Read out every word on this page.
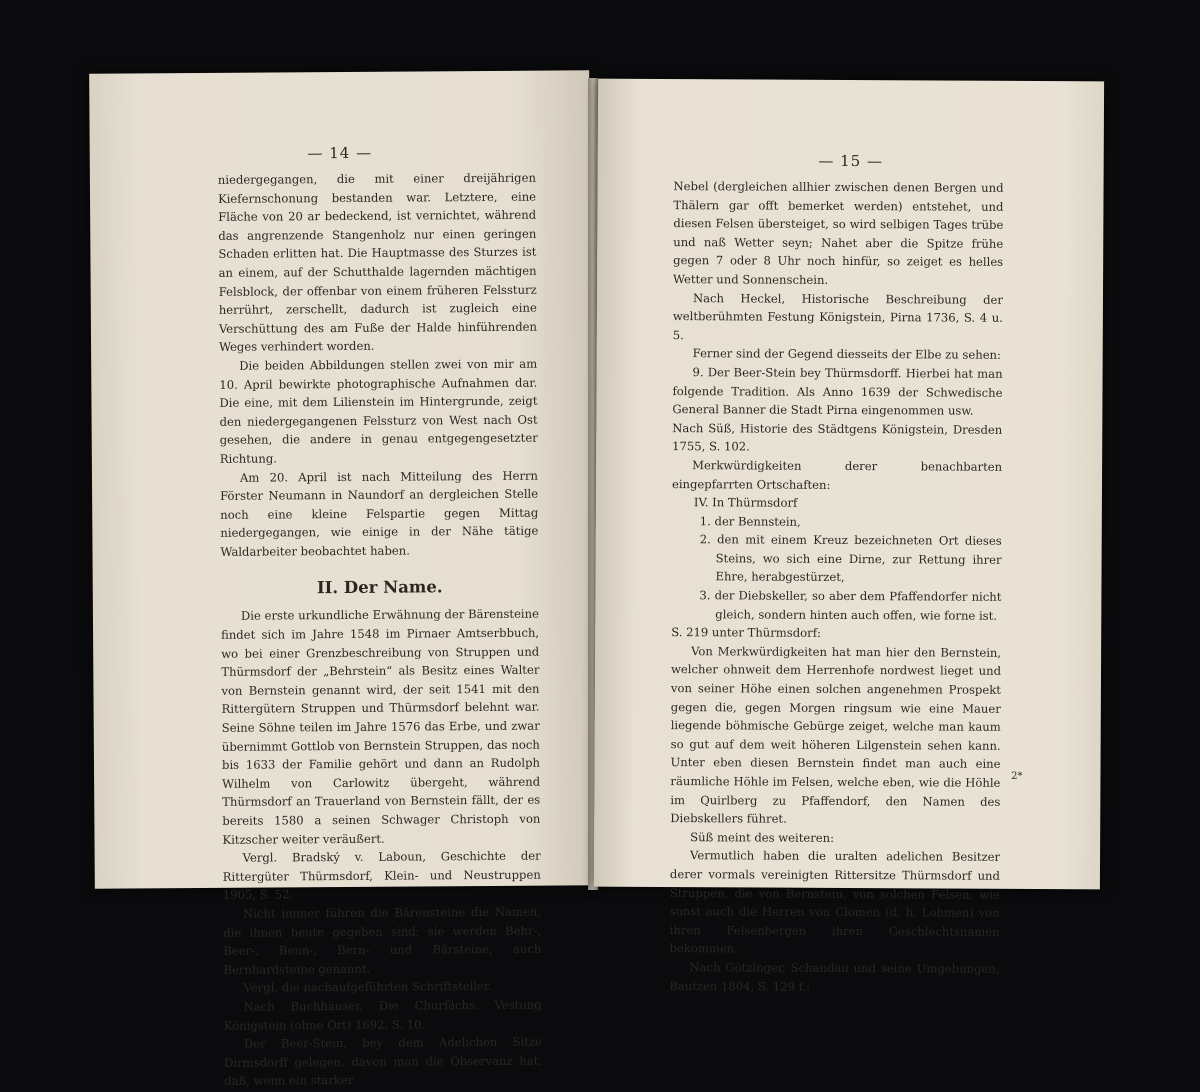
— 14 —

niedergegangen, die mit einer dreijährigen Kiefernschonung bestanden war. Letztere, eine Fläche von 20 ar bedeckend, ist vernichtet, während das angrenzende Stangenholz nur einen geringen Schaden erlitten hat. Die Hauptmasse des Sturzes ist an einem, auf der Schutthalde lagernden mächtigen Felsblock, der offenbar von einem früheren Felssturz herrührt, zerschellt, dadurch ist zugleich eine Verschüttung des am Fuße der Halde hinführenden Weges verhindert worden.

Die beiden Abbildungen stellen zwei von mir am 10. April bewirkte photographische Aufnahmen dar. Die eine, mit dem Lilienstein im Hintergrunde, zeigt den niedergegangenen Felssturz von West nach Ost gesehen, die andere in genau entgegengesetzter Richtung.

Am 20. April ist nach Mitteilung des Herrn Förster Neumann in Naundorf an dergleichen Stelle noch eine kleine Felspartie gegen Mittag niedergegangen, wie einige in der Nähe tätige Waldarbeiter beobachtet haben.

II. Der Name.

Die erste urkundliche Erwähnung der Bärensteine findet sich im Jahre 1548 im Pirnaer Amtserbbuch, wo bei einer Grenzbeschreibung von Struppen und Thürmsdorf der „Behrstein“ als Besitz eines Walter von Bernstein genannt wird, der seit 1541 mit den Rittergütern Struppen und Thürmsdorf belehnt war. Seine Söhne teilen im Jahre 1576 das Erbe, und zwar übernimmt Gottlob von Bernstein Struppen, das noch bis 1633 der Familie gehört und dann an Rudolph Wilhelm von Carlowitz übergeht, während Thürmsdorf an Trauerland von Bernstein fällt, der es bereits 1580 a seinen Schwager Christoph von Kitzscher weiter veräußert.

Vergl. Bradský v. Laboun, Geschichte der Rittergüter Thürmsdorf, Klein- und Neustruppen 1905, S. 52.

Nicht immer führen die Bärensteine die Namen, die ihnen heute gegeben sind; sie werden Behr-, Beer-, Benn-, Bern- und Bärsteine, auch Bernhardsteine genannt.

Vergl. die nachaufgeführten Schriftsteller.

Nach Buchhäuser, Die Churfächs. Vestung Königstein (ohne Ort) 1692, S. 10.

Der Beer-Stein, bey dem Adelichen Sitze Dirmsdorff gelegen, davon man die Observanz hat, daß, wenn ein starker

— 15 —

Nebel (dergleichen allhier zwischen denen Bergen und Thälern gar offt bemerket werden) entstehet, und diesen Felsen übersteiget, so wird selbigen Tages trübe und naß Wetter seyn; Nahet aber die Spitze frühe gegen 7 oder 8 Uhr noch hinfür, so zeiget es helles Wetter und Sonnenschein.

Nach Heckel, Historische Beschreibung der weltberühmten Festung Königstein, Pirna 1736, S. 4 u. 5.

Ferner sind der Gegend diesseits der Elbe zu sehen:

9. Der Beer-Stein bey Thürmsdorff. Hierbei hat man folgende Tradition. Als Anno 1639 der Schwedische General Banner die Stadt Pirna eingenommen usw.

Nach Süß, Historie des Städtgens Königstein, Dresden 1755, S. 102.

Merkwürdigkeiten derer benachbarten eingepfarrten Ortschaften:

IV. In Thürmsdorf

1. der Bennstein,

2. den mit einem Kreuz bezeichneten Ort dieses Steins, wo sich eine Dirne, zur Rettung ihrer Ehre, herabgestürzet,

3. der Diebskeller, so aber dem Pfaffendorfer nicht gleich, sondern hinten auch offen, wie forne ist.

S. 219 unter Thürmsdorf:

Von Merkwürdigkeiten hat man hier den Bernstein, welcher ohnweit dem Herrenhofe nordwest lieget und von seiner Höhe einen solchen angenehmen Prospekt gegen die, gegen Morgen ringsum wie eine Mauer liegende böhmische Gebürge zeiget, welche man kaum so gut auf dem weit höheren Lilgenstein sehen kann. Unter eben diesen Bernstein findet man auch eine räumliche Höhle im Felsen, welche eben, wie die Höhle im Quirlberg zu Pfaffendorf, den Namen des Diebskellers führet.

Süß meint des weiteren:

Vermutlich haben die uralten adelichen Besitzer derer vormals vereinigten Rittersitze Thürmsdorf und Struppen, die von Bernstein, von solchen Felsen, wie sonst auch die Herren von Clomen (d. h. Lohmen) von ihren Felsenbergen ihren Geschlechtsnamen bekommen.

Nach Götzinger, Schandau und seine Umgebungen, Bautzen 1804, S. 129 f.:

2*
